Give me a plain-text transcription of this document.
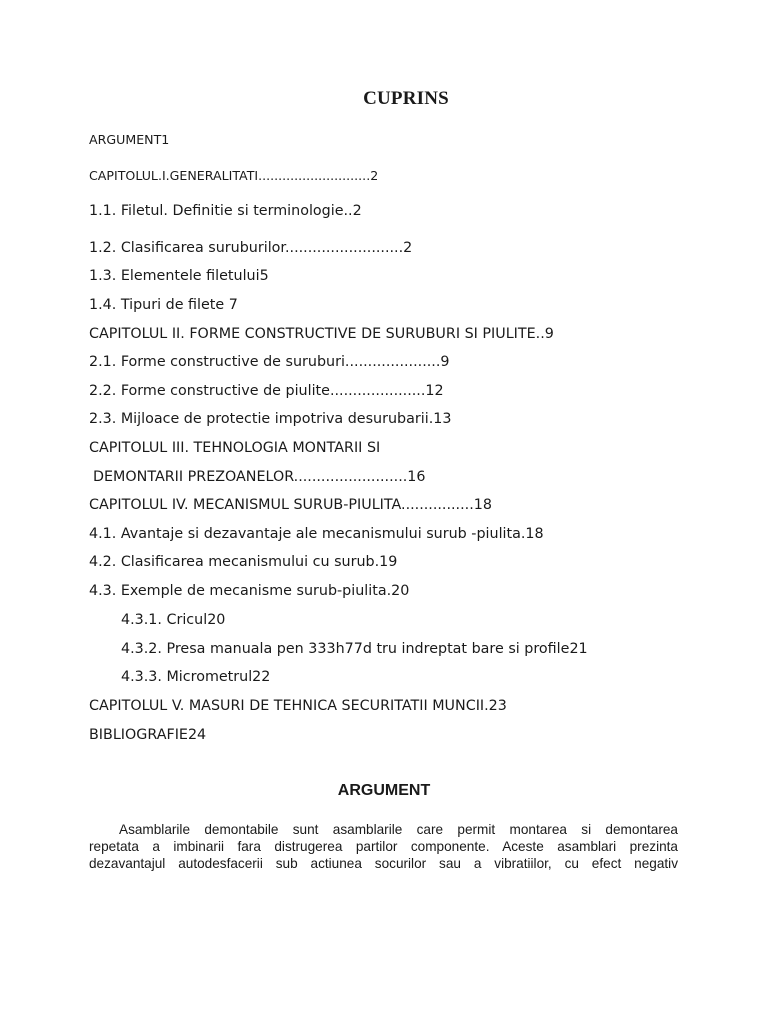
CUPRINS
ARGUMENT1
CAPITOLUL.I.GENERALITATI............................2
1.1. Filetul. Definitie si terminologie..2
1.2. Clasificarea suruburilor..........................2
1.3. Elementele filetului5
1.4. Tipuri de filete 7
CAPITOLUL II. FORME CONSTRUCTIVE DE SURUBURI SI PIULITE..9
2.1. Forme constructive de suruburi.....................9
2.2. Forme constructive de piulite.....................12
2.3. Mijloace de protectie impotriva desurubarii.13
CAPITOLUL III. TEHNOLOGIA MONTARII SI
DEMONTARII PREZOANELOR.........................16
CAPITOLUL IV. MECANISMUL SURUB-PIULITA................18
4.1. Avantaje si dezavantaje ale mecanismului surub -piulita.18
4.2. Clasificarea mecanismului cu surub.19
4.3. Exemple de mecanisme surub-piulita.20
4.3.1. Cricul20
4.3.2. Presa manuala pen 333h77d tru indreptat bare si profile21
4.3.3. Micrometrul22
CAPITOLUL V. MASURI DE TEHNICA SECURITATII MUNCII.23
BIBLIOGRAFIE24
ARGUMENT
Asamblarile demontabile sunt asamblarile care permit montarea si demontarea
repetata a imbinarii fara distrugerea partilor componente. Aceste asamblari prezinta
dezavantajul autodesfacerii sub actiunea socurilor sau a vibratiilor, cu efect negativ
